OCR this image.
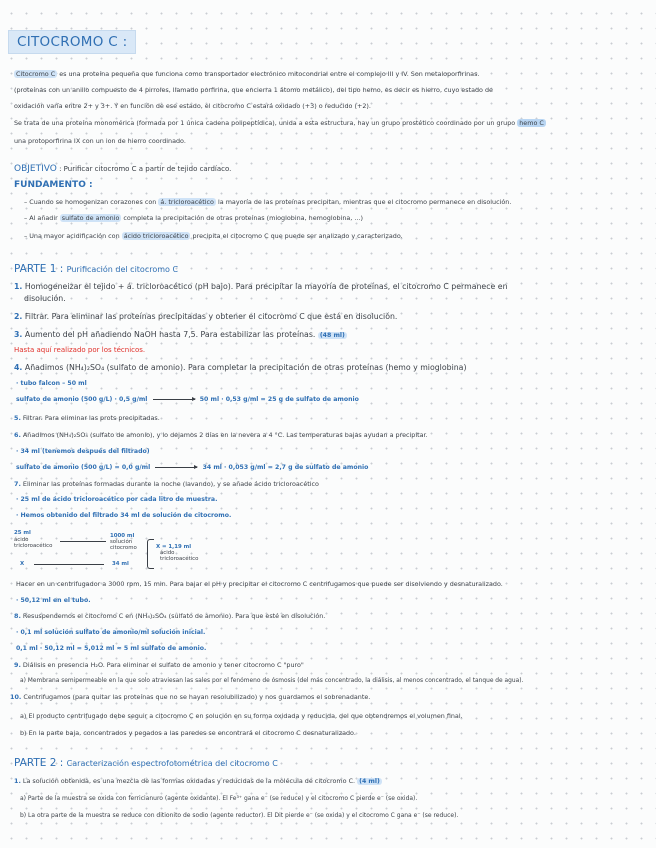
CITOCROMO C :
Citocromo C es una proteína pequeña que funciona como transportador electrónico mitocondrial entre el complejo III y IV. Son metaloporfirinas.
(proteínas con un anillo compuesto de 4 pirroles, llamado porfirina, que encierra 1 átomo metálico), del tipo hemo, es decir es hierro, cuyo estado de
oxidación varía entre 2+ y 3+. Y en función de ese estado, el citocromo C estará oxidado (+3) o reducido (+2).
Se trata de una proteína monomérica (formada por 1 única cadena polipeptídica), unida a esta estructura, hay un grupo prostético coordinado por un grupo hemo C
una protoporfirina IX con un ion de hierro coordinado.
OBJETIVO : Purificar citocromo C a partir de tejido cardíaco.
FUNDAMENTO :
– Cuando se homogenizan corazones con á. tricloroacético la mayoría de las proteínas precipitan, mientras que el citocromo permanece en disolución.
– Al añadir sulfato de amonio completa la precipitación de otras proteínas (mioglobina, hemoglobina, ...)
– Una mayor acidificación con ácido tricloroacético precipita el citocromo C que puede ser analizado y caracterizado.
PARTE 1 : Purificación del citocromo C
1. Homogeneizar el tejido + á. tricloroacético (pH bajo). Para precipitar la mayoría de proteínas, el citocromo C permanece en
disolución.
2. Filtrar. Para eliminar las proteínas precipitadas y obtener el citocromo C que está en disolución.
3. Aumento del pH añadiendo NaOH hasta 7,5. Para estabilizar las proteínas. (48 ml)
Hasta aquí realizado por los técnicos.
4. Añadimos (NH₄)₂SO₄ (sulfato de amonio). Para completar la precipitación de otras proteínas (hemo y mioglobina)
· tubo falcon – 50 ml
sulfato de amonio (500 g/L) · 0,5 g/ml	50 ml · 0,53 g/ml = 25 g de sulfato de amonio
5. Filtrar. Para eliminar las prots precipitadas.
6. Añadimos (NH₄)₂SO₄ (sulfato de amonio), y lo dejamos 2 días en la nevera a 4 °C. Las temperaturas bajas ayudan a precipitar.
· 34 ml (tenemos después del filtrado)
sulfato de amonio (500 g/L) = 0,0 g/ml	34 ml · 0,053 g/ml = 2,7 g de sulfato de amonio
7. Eliminar las proteínas formadas durante la noche (lavando), y se añade ácido tricloroacético
· 25 ml de ácido tricloroacético por cada litro de muestra.
· Hemos obtenido del filtrado 34 ml de solución de citocromo.
25 ml
ácido
tricloroacético
1000 ml
solución
citocromo
X	34 ml
X = 1,19 ml
ácido
tricloroacético
Hacer en un centrifugador a 3000 rpm, 15 min. Para bajar el pH y precipitar el citocromo C centrifugamos que puede ser disolviendo y desnaturalizado.
· 50,12 ml en el tubo.
8. Resuspendemos el citocromo C en (NH₄)₂SO₄ (sulfato de amonio). Para que esté en disolución.
· 0,1 ml solución sulfato de amonio/ml solución inicial.
0,1 ml · 50,12 ml = 5,012 ml ≈ 5 ml sulfato de amonio.
9. Diálisis en presencia H₂O. Para eliminar el sulfato de amonio y tener citocromo C "puro"
a) Membrana semipermeable en la que solo atraviesan las sales por el fenómeno de ósmosis (del más concentrado, la diálisis, al menos concentrado, el tanque de agua).
10. Centrifugamos (para quitar las proteínas que no se hayan resolubilizado) y nos guardamos el sobrenadante.
a) El producto centrifugado debe seguir a citocromo C en solución en su forma oxidada y reducida, del que obtendremos el volumen final.
b) En la parte baja, concentrados y pegados a las paredes se encontrará el citocromo C desnaturalizado.
PARTE 2 : Caracterización espectrofotométrica del citocromo C
1. La solución obtenida, es una mezcla de las formas oxidadas y reducidas de la molécula de citocromo C. (4 ml)
a) Parte de la muestra se oxida con ferricianuro (agente oxidante). El Fe³⁺ gana e⁻ (se reduce) y el citocromo C pierde e⁻ (se oxida).
b) La otra parte de la muestra se reduce con ditionito de sodio (agente reductor). El Dit pierde e⁻ (se oxida) y el citocromo C gana e⁻ (se reduce).
